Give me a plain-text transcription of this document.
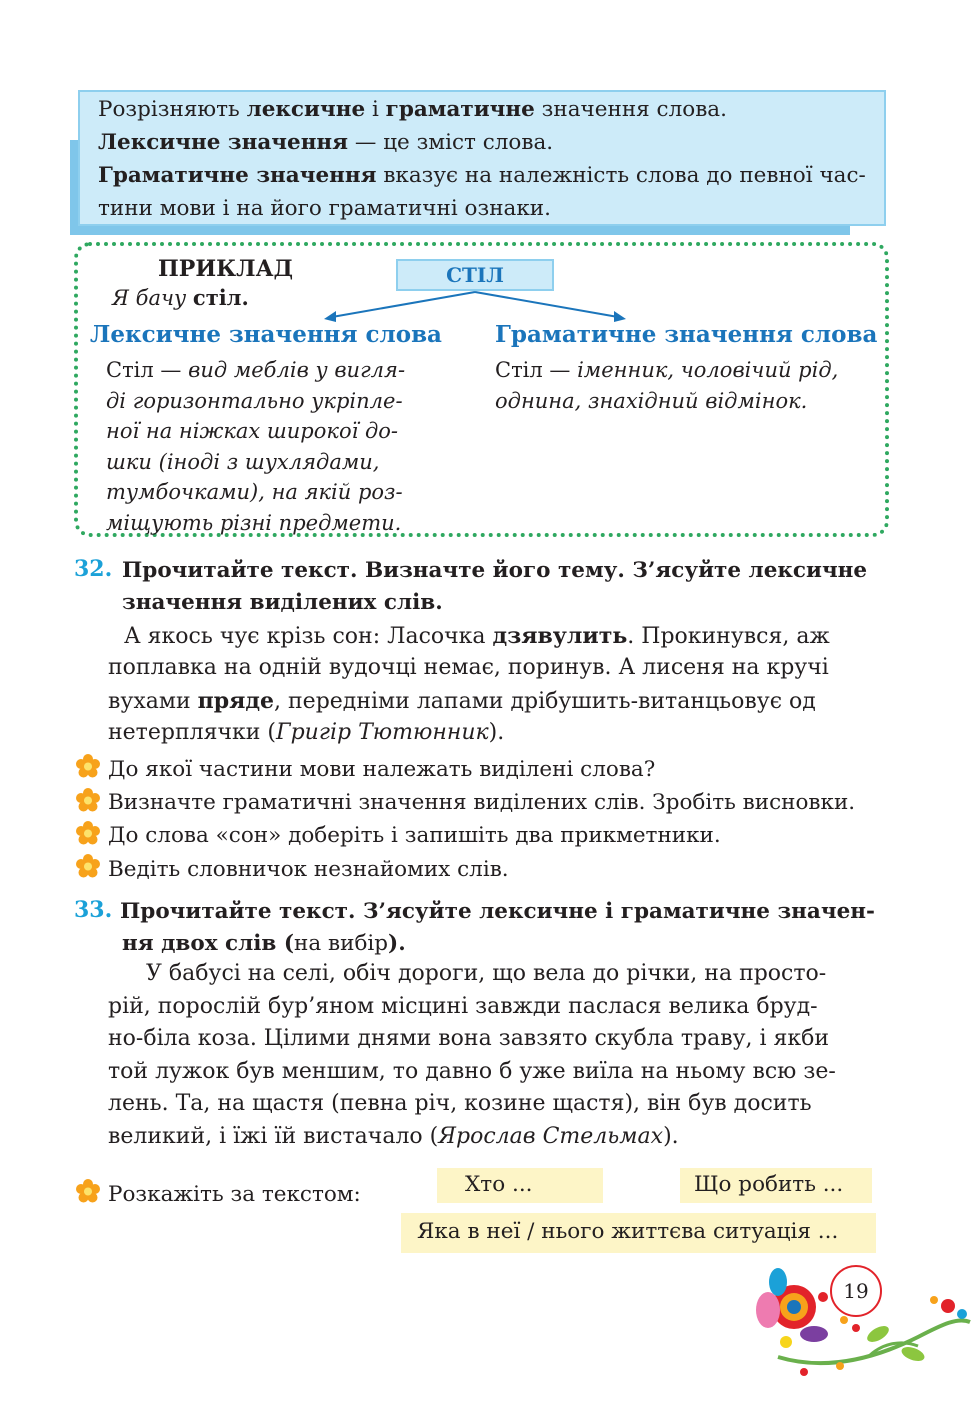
Розрізняють лексичне і граматичне значення слова.
Лексичне значення — це зміст слова.
Граматичне значення вказує на належність слова до певної час-
тини мови і на його граматичні ознаки.
ПРИКЛАД
Я бачу стіл.
СТІЛ
Лексичне значення слова
Стіл — вид меблів у вигля-
ді горизонтально укріпле-
ної на ніжках широкої до-
шки (іноді з шухлядами,
тумбочками), на якій роз-
міщують різні предмети.
Граматичне значення слова
Стіл — іменник, чоловічий рід,
однина, знахідний відмінок.
32. Прочитайте текст. Визначте його тему. З’ясуйте лексичне
значення виділених слів.
А якось чує крізь сон: Ласочка дзявулить. Прокинувся, аж
поплавка на одній вудочці немає, поринув. А лисеня на кручі
вухами пряде, передніми лапами дрібушить-витанцьовує од
нетерплячки (Григір Тютюнник).
До якої частини мови належать виділені слова?
Визначте граматичні значення виділених слів. Зробіть висновки.
До слова «сон» доберіть і запишіть два прикметники.
Ведіть словничок незнайомих слів.
33. Прочитайте текст. З’ясуйте лексичне і граматичне значен-
ня двох слів (на вибір).
У бабусі на селі, обіч дороги, що вела до річки, на просто-
рій, порослій бур’яном місцині завжди паслася велика бруд-
но-біла коза. Цілими днями вона завзято скубла траву, і якби
той лужок був меншим, то давно б уже виїла на ньому всю зе-
лень. Та, на щастя (певна річ, козине щастя), він був досить
великий, і їжі їй вистачало (Ярослав Стельмах).
Розкажіть за текстом:	Хто ...	Що робить ...
Яка в неї / нього життєва ситуація ...
19
